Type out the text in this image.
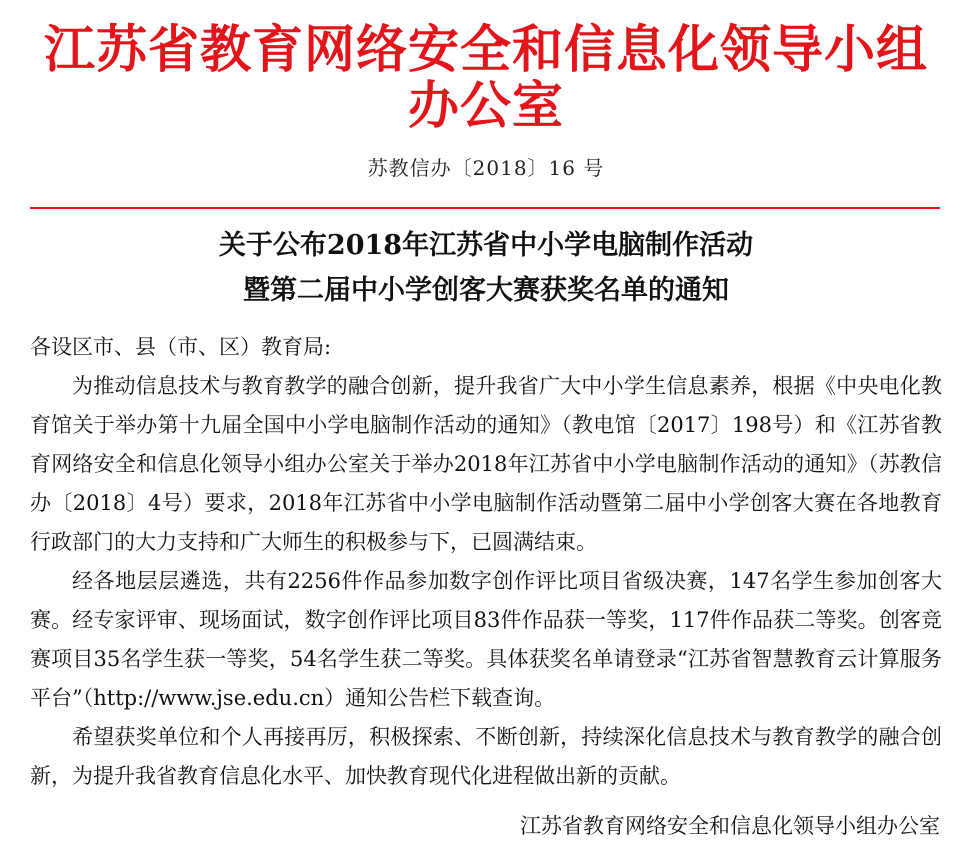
江苏省教育网络安全和信息化领导小组
办公室
苏教信办〔2018〕16 号
关于公布2018年江苏省中小学电脑制作活动
暨第二届中小学创客大赛获奖名单的通知

各设区市、县（市、区）教育局:

为推动信息技术与教育教学的融合创新，提升我省广大中小学生信息素养，根据《中央电化教育馆关于举办第十九届全国中小学电脑制作活动的通知》（教电馆〔2017〕198号）和《江苏省教育网络安全和信息化领导小组办公室关于举办2018年江苏省中小学电脑制作活动的通知》（苏教信办〔2018〕4号）要求，2018年江苏省中小学电脑制作活动暨第二届中小学创客大赛在各地教育行政部门的大力支持和广大师生的积极参与下，已圆满结束。

经各地层层遴选，共有2256件作品参加数字创作评比项目省级决赛，147名学生参加创客大赛。经专家评审、现场面试，数字创作评比项目83件作品获一等奖，117件作品获二等奖。创客竞赛项目35名学生获一等奖，54名学生获二等奖。具体获奖名单请登录“江苏省智慧教育云计算服务平台”（http://www.jse.edu.cn）通知公告栏下载查询。

希望获奖单位和个人再接再厉，积极探索、不断创新，持续深化信息技术与教育教学的融合创新，为提升我省教育信息化水平、加快教育现代化进程做出新的贡献。

江苏省教育网络安全和信息化领导小组办公室
